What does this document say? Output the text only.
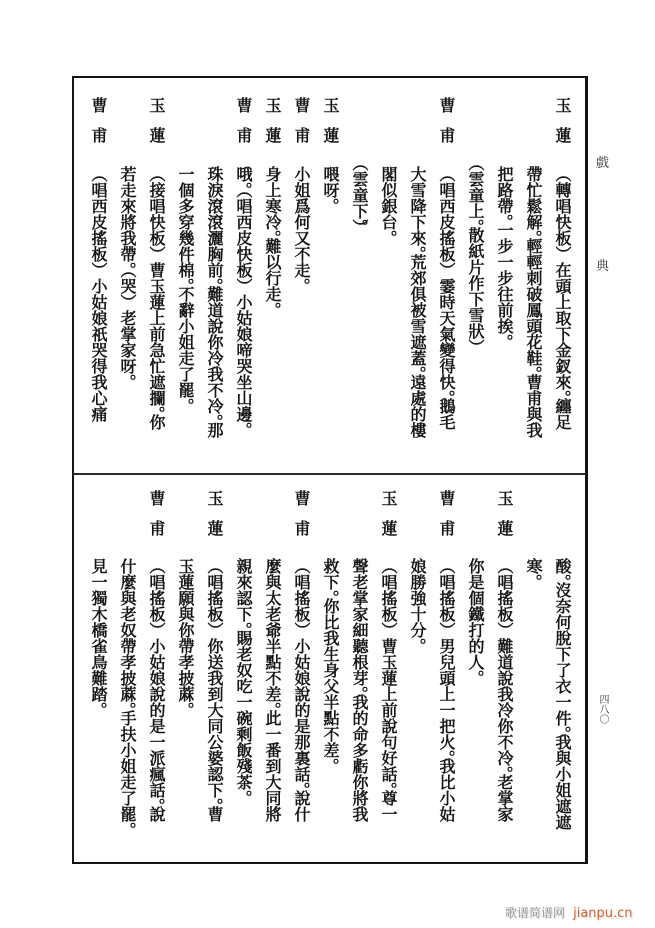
玉蓮
（轉唱快板）在頭上取下金釵來。纏足
帶忙鬆解。輕輕刺破鳳頭花鞋。曹甫與我
把路帶。一步一步往前挨。
（雲童上。散紙片作下雪狀）
曹甫
（唱西皮搖板）霎時天氣變得快。鵝毛
大雪降下來。荒郊俱被雪遮蓋。遠處的樓
閣似銀台。
（雲童下）
玉蓮
喂呀。
曹甫
小姐爲何又不走。
玉蓮
身上寒冷。難以行走。
曹甫
哦。（唱西皮快板）小姑娘啼哭坐山邊。
珠淚滾滾灑胸前。難道說你冷我不冷。那
一個多穿幾件棉。不辭小姐走了罷。
玉蓮
（接唱快板）曹玉蓮上前急忙遮攔。你
若走來將我帶。（哭）老掌家呀。
曹甫
（唱西皮搖板）小姑娘祇哭得我心痛
酸。沒奈何脫下了衣一件。我與小姐遮遮
寒。
玉蓮
（唱搖板）難道說我冷你不冷。老掌家
你是個鐵打的人。
曹甫
（唱搖板）男兒頭上一把火。我比小姑
娘勝強十分。
玉蓮
（唱搖板）曹玉蓮上前說句好話。尊一
聲老掌家細聽根芽。我的命多虧你將我
救下。你比我生身父半點不差。
曹甫
（唱搖板）小姑娘說的是那裏話。說什
麼與太老爺半點不差。此一番到大同將
親來認下。賜老奴吃一碗剩飯殘茶。
玉蓮
（唱搖板）你送我到大同公婆認下。曹
玉蓮願與你帶孝披蔴。
曹甫
（唱搖板）小姑娘說的是一派瘋話。說
什麼與老奴帶孝披蔴。手扶小姐走了罷。
見一獨木橋雀鳥難踏。
戲
典
四八〇
歌谱简谱网 jianpu.cn
